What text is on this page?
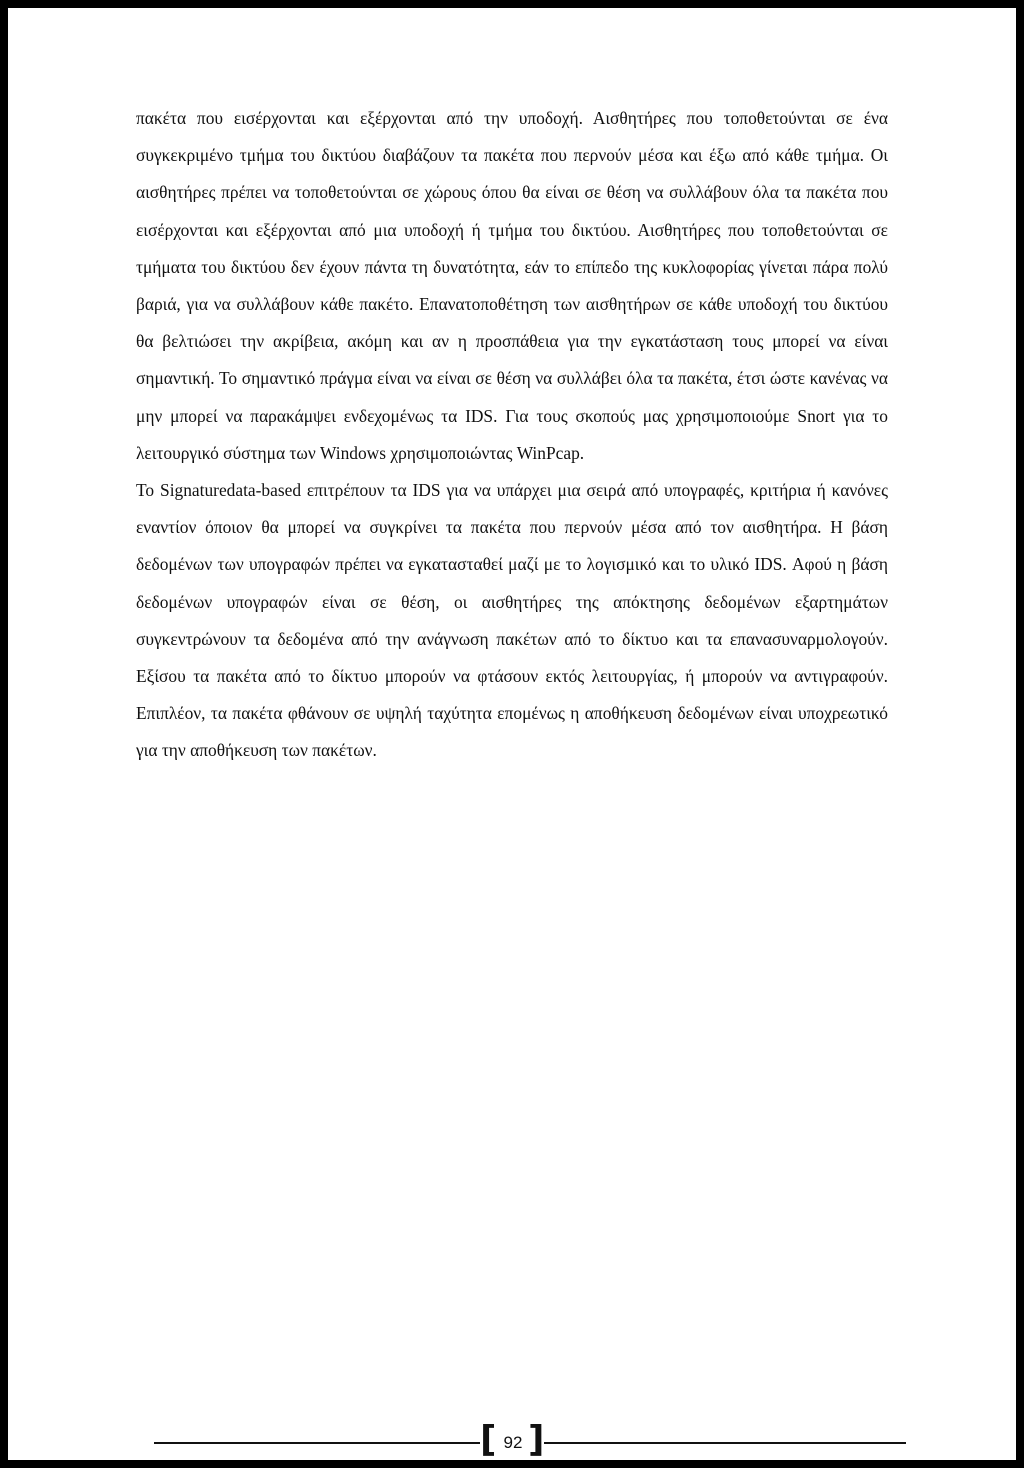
πακέτα που εισέρχονται και εξέρχονται από την υποδοχή. Αισθητήρες που τοποθετούνται σε ένα συγκεκριμένο τμήμα του δικτύου διαβάζουν τα πακέτα που περνούν μέσα και έξω από κάθε τμήμα. Οι αισθητήρες πρέπει να τοποθετούνται σε χώρους όπου θα είναι σε θέση να συλλάβουν όλα τα πακέτα που εισέρχονται και εξέρχονται από μια υποδοχή ή τμήμα του δικτύου. Αισθητήρες που τοποθετούνται σε τμήματα του δικτύου δεν έχουν πάντα τη δυνατότητα, εάν το επίπεδο της κυκλοφορίας γίνεται πάρα πολύ βαριά, για να συλλάβουν κάθε πακέτο. Επανατοποθέτηση των αισθητήρων σε κάθε υποδοχή του δικτύου θα βελτιώσει την ακρίβεια, ακόμη και αν η προσπάθεια για την εγκατάσταση τους μπορεί να είναι σημαντική. Το σημαντικό πράγμα είναι να είναι σε θέση να συλλάβει όλα τα πακέτα, έτσι ώστε κανένας να μην μπορεί να παρακάμψει ενδεχομένως τα IDS. Για τους σκοπούς μας χρησιμοποιούμε Snort για το λειτουργικό σύστημα των Windows χρησιμοποιώντας WinPcap.

Το Signaturedata-based επιτρέπουν τα IDS για να υπάρχει μια σειρά από υπογραφές, κριτήρια ή κανόνες εναντίον όποιον θα μπορεί να συγκρίνει τα πακέτα που περνούν μέσα από τον αισθητήρα. Η βάση δεδομένων των υπογραφών πρέπει να εγκατασταθεί μαζί με το λογισμικό και το υλικό IDS. Αφού η βάση δεδομένων υπογραφών είναι σε θέση, οι αισθητήρες της απόκτησης δεδομένων εξαρτημάτων συγκεντρώνουν τα δεδομένα από την ανάγνωση πακέτων από το δίκτυο και τα επανασυναρμολογούν. Εξίσου τα πακέτα από το δίκτυο μπορούν να φτάσουν εκτός λειτουργίας, ή μπορούν να αντιγραφούν. Επιπλέον, τα πακέτα φθάνουν σε υψηλή ταχύτητα επομένως η αποθήκευση δεδομένων είναι υποχρεωτικό για την αποθήκευση των πακέτων.

[ 92 ]
